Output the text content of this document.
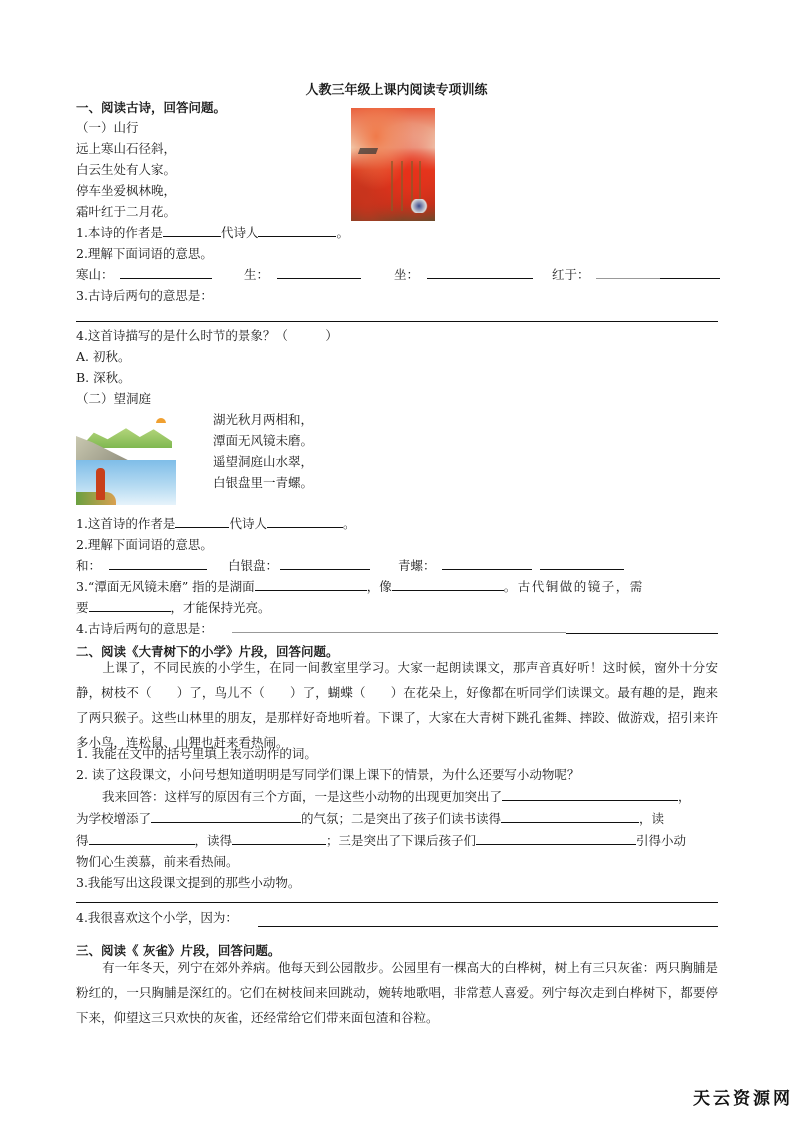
人教三年级上课内阅读专项训练
一、阅读古诗，回答问题。
（一）山行
远上寒山石径斜，
白云生处有人家。
停车坐爱枫林晚，
霜叶红于二月花。
1.本诗的作者是	代诗人	。
2.理解下面词语的意思。
寒山：	生：	坐：	红于：
3.古诗后两句的意思是：
4.这首诗描写的是什么时节的景象？（　　　）
A. 初秋。
B. 深秋。
（二）望洞庭
湖光秋月两相和，
潭面无风镜未磨。
遥望洞庭山水翠，
白银盘里一青螺。
1.这首诗的作者是	代诗人	。
2.理解下面词语的意思。
和：	白银盘：	青螺：
3.“潭面无风镜未磨” 指的是湖面	，像	。古代铜做的镜子，需
要	，才能保持光亮。
4.古诗后两句的意思是：
二、阅读《大青树下的小学》片段，回答问题。
上课了，不同民族的小学生，在同一间教室里学习。大家一起朗读课文，那声音真好听！这时候，窗外十分安静，树枝不（　　）了，鸟儿不（　　）了，蝴蝶（　　）在花朵上，好像都在听同学们读课文。最有趣的是，跑来了两只猴子。这些山林里的朋友，是那样好奇地听着。下课了，大家在大青树下跳孔雀舞、摔跤、做游戏，招引来许多小鸟，连松鼠、山狸也赶来看热闹。
1. 我能在文中的括号里填上表示动作的词。
2. 读了这段课文，小问号想知道明明是写同学们课上课下的情景，为什么还要写小动物呢？
我来回答：这样写的原因有三个方面，一是这些小动物的出现更加突出了	，
为学校增添了	的气氛；二是突出了孩子们读书读得	，读
得	，读得	；三是突出了下课后孩子们	引得小动
物们心生羡慕，前来看热闹。
3.我能写出这段课文提到的那些小动物。
4.我很喜欢这个小学，因为：
三、阅读《 灰雀》片段，回答问题。
有一年冬天，列宁在郊外养病。他每天到公园散步。公园里有一棵高大的白桦树，树上有三只灰雀：两只胸脯是粉红的，一只胸脯是深红的。它们在树枝间来回跳动，婉转地歌唱，非常惹人喜爱。列宁每次走到白桦树下，都要停下来，仰望这三只欢快的灰雀，还经常给它们带来面包渣和谷粒。
天云资源网
